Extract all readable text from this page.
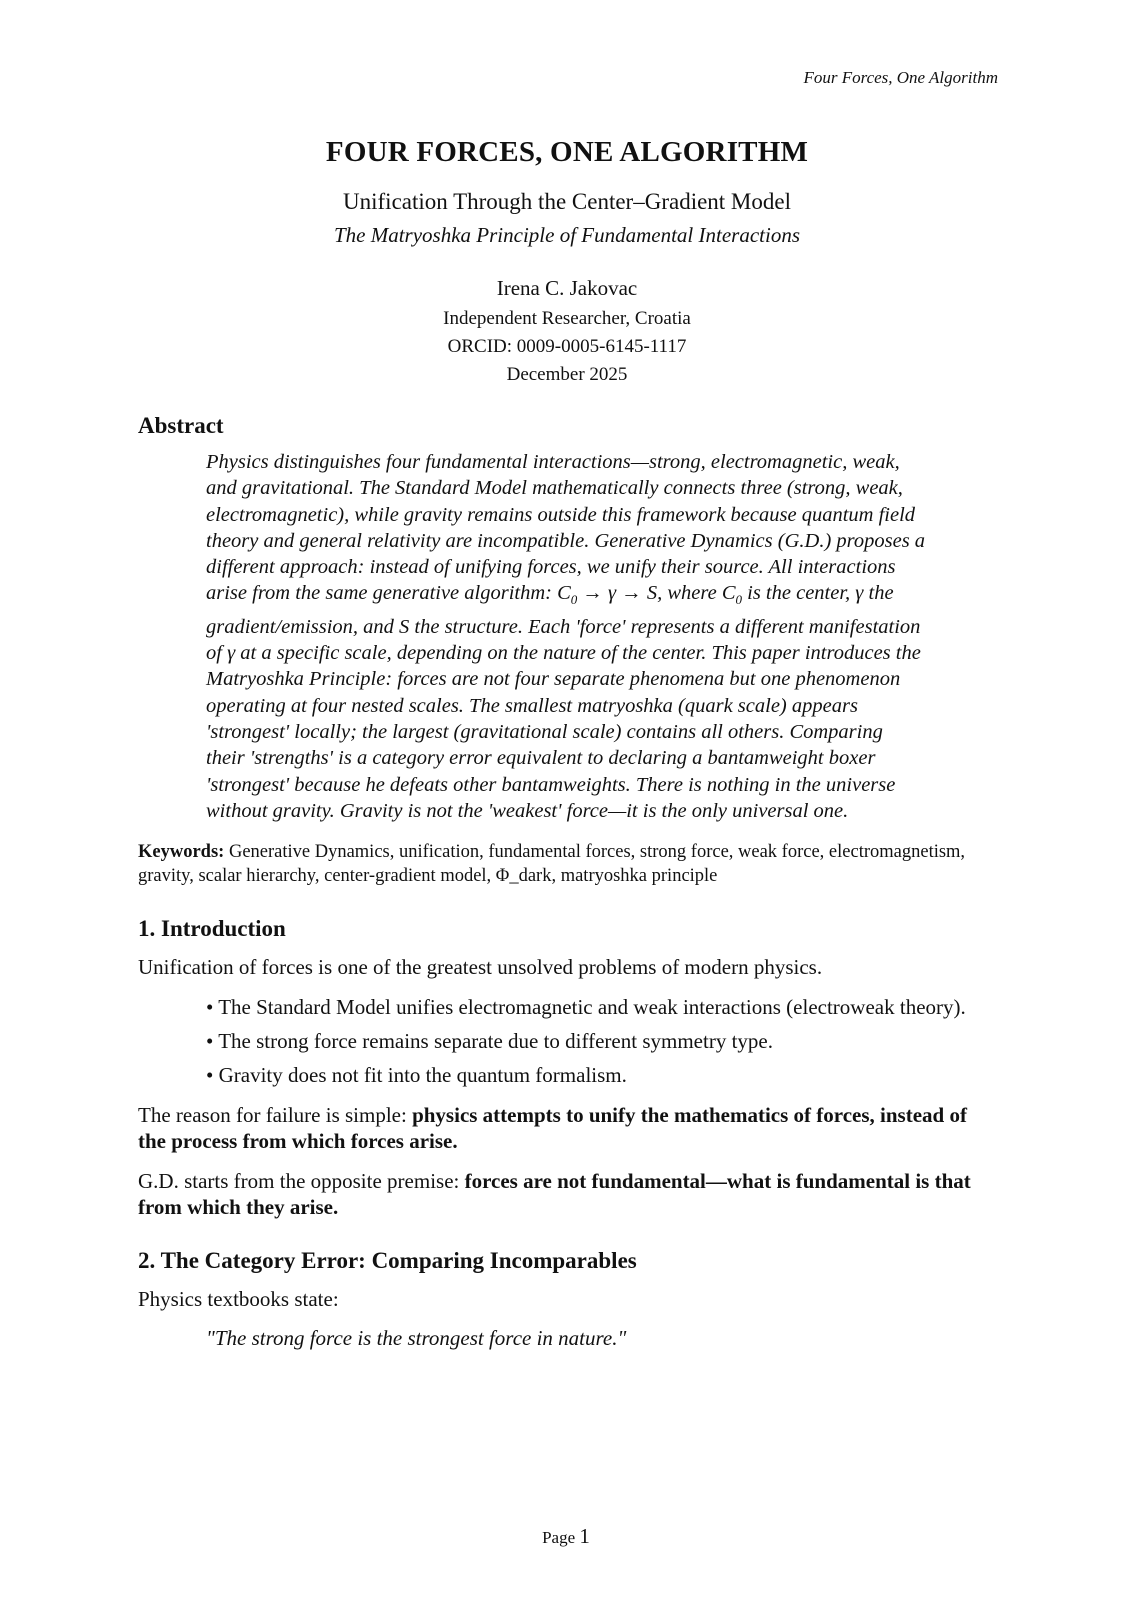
Four Forces, One Algorithm
FOUR FORCES, ONE ALGORITHM
Unification Through the Center–Gradient Model
The Matryoshka Principle of Fundamental Interactions
Irena C. Jakovac
Independent Researcher, Croatia
ORCID: 0009-0005-6145-1117
December 2025
Abstract
Physics distinguishes four fundamental interactions—strong, electromagnetic, weak, and gravitational. The Standard Model mathematically connects three (strong, weak, electromagnetic), while gravity remains outside this framework because quantum field theory and general relativity are incompatible. Generative Dynamics (G.D.) proposes a different approach: instead of unifying forces, we unify their source. All interactions arise from the same generative algorithm: $C_0 \to \gamma \to S$, where $C_0$ is the center, γ the gradient/emission, and S the structure. Each 'force' represents a different manifestation of γ at a specific scale, depending on the nature of the center. This paper introduces the Matryoshka Principle: forces are not four separate phenomena but one phenomenon operating at four nested scales. The smallest matryoshka (quark scale) appears 'strongest' locally; the largest (gravitational scale) contains all others. Comparing their 'strengths' is a category error equivalent to declaring a bantamweight boxer 'strongest' because he defeats other bantamweights. There is nothing in the universe without gravity. Gravity is not the 'weakest' force—it is the only universal one.
Keywords: Generative Dynamics, unification, fundamental forces, strong force, weak force, electromagnetism, gravity, scalar hierarchy, center-gradient model, Φ_dark, matryoshka principle
1. Introduction

Unification of forces is one of the greatest unsolved problems of modern physics.

• The Standard Model unifies electromagnetic and weak interactions (electroweak theory).
• The strong force remains separate due to different symmetry type.
• Gravity does not fit into the quantum formalism.

The reason for failure is simple: physics attempts to unify the mathematics of forces, instead of the process from which forces arise.

G.D. starts from the opposite premise: forces are not fundamental—what is fundamental is that from which they arise.

2. The Category Error: Comparing Incomparables

Physics textbooks state:

"The strong force is the strongest force in nature."
Page 1
